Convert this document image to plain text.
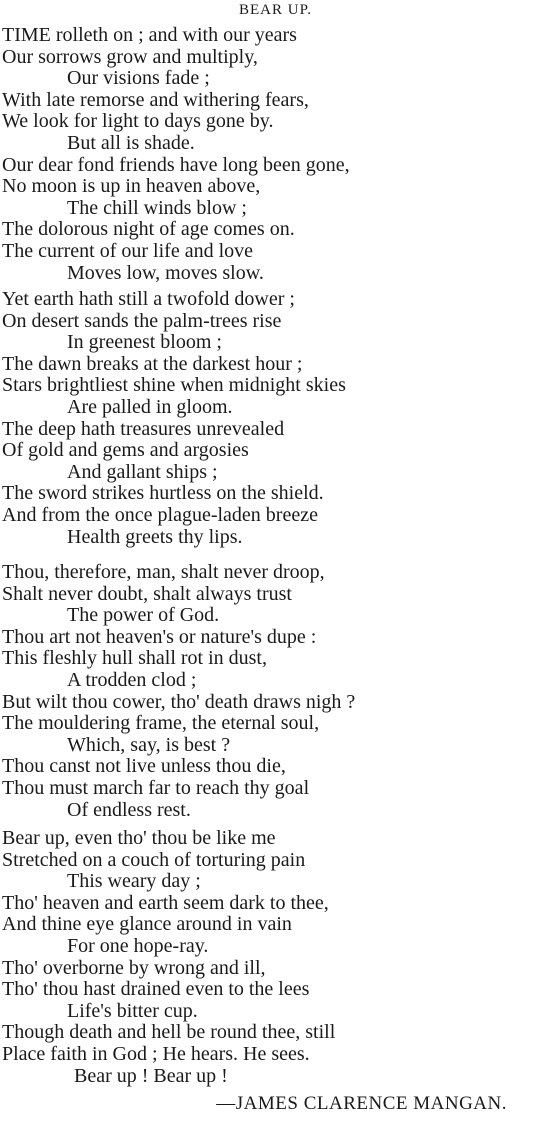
BEAR UP.
TIME rolleth on ; and with our years
Our sorrows grow and multiply,
Our visions fade ;
With late remorse and withering fears,
We look for light to days gone by.
But all is shade.
Our dear fond friends have long been gone,
No moon is up in heaven above,
The chill winds blow ;
The dolorous night of age comes on.
The current of our life and love
Moves low, moves slow.
Yet earth hath still a twofold dower ;
On desert sands the palm-trees rise
In greenest bloom ;
The dawn breaks at the darkest hour ;
Stars brightliest shine when midnight skies
Are palled in gloom.
The deep hath treasures unrevealed
Of gold and gems and argosies
And gallant ships ;
The sword strikes hurtless on the shield.
And from the once plague-laden breeze
Health greets thy lips.
Thou, therefore, man, shalt never droop,
Shalt never doubt, shalt always trust
The power of God.
Thou art not heaven's or nature's dupe :
This fleshly hull shall rot in dust,
A trodden clod ;
But wilt thou cower, tho' death draws nigh ?
The mouldering frame, the eternal soul,
Which, say, is best ?
Thou canst not live unless thou die,
Thou must march far to reach thy goal
Of endless rest.
Bear up, even tho' thou be like me
Stretched on a couch of torturing pain
This weary day ;
Tho' heaven and earth seem dark to thee,
And thine eye glance around in vain
For one hope-ray.
Tho' overborne by wrong and ill,
Tho' thou hast drained even to the lees
Life's bitter cup.
Though death and hell be round thee, still
Place faith in God ; He hears. He sees.
Bear up ! Bear up !
—JAMES CLARENCE MANGAN.
